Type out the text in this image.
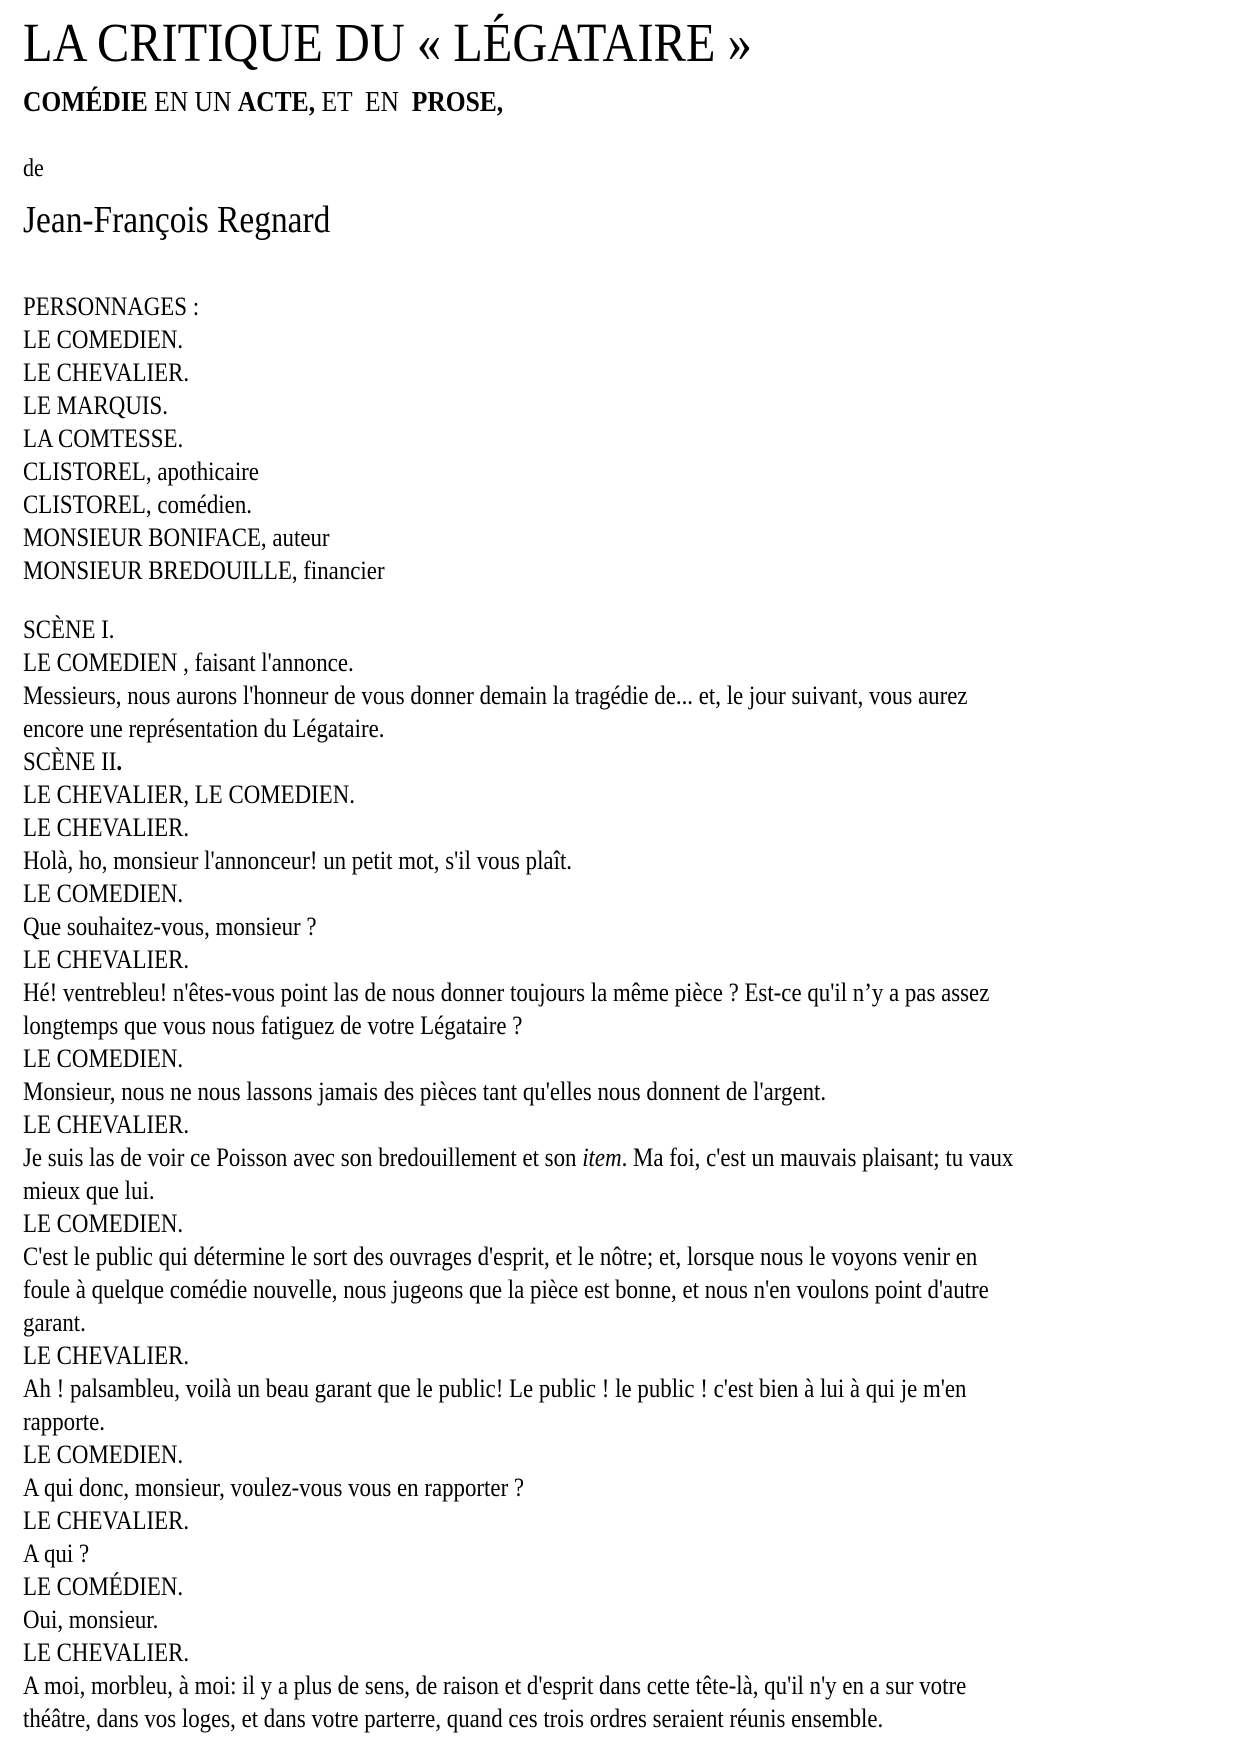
LA CRITIQUE DU « LÉGATAIRE »

COMÉDIE EN UN ACTE, ET  EN  PROSE,

de

Jean-François Regnard

PERSONNAGES :
LE COMEDIEN.
LE CHEVALIER.
LE MARQUIS.
LA COMTESSE.
CLISTOREL, apothicaire
CLISTOREL, comédien.
MONSIEUR BONIFACE, auteur
MONSIEUR BREDOUILLE, financier
SCÈNE I.
LE COMEDIEN , faisant l'annonce.
Messieurs, nous aurons l'honneur de vous donner demain la tragédie de... et, le jour suivant, vous aurez
encore une représentation du Légataire.
SCÈNE II.
LE CHEVALIER, LE COMEDIEN.
LE CHEVALIER.
Holà, ho, monsieur l'annonceur! un petit mot, s'il vous plaît.
LE COMEDIEN.
Que souhaitez-vous, monsieur ?
LE CHEVALIER.
Hé! ventrebleu! n'êtes-vous point las de nous donner toujours la même pièce ? Est-ce qu'il n’y a pas assez
longtemps que vous nous fatiguez de votre Légataire ?
LE COMEDIEN.
Monsieur, nous ne nous lassons jamais des pièces tant qu'elles nous donnent de l'argent.
LE CHEVALIER.
Je suis las de voir ce Poisson avec son bredouillement et son item. Ma foi, c'est un mauvais plaisant; tu vaux
mieux que lui.
LE COMEDIEN.
C'est le public qui détermine le sort des ouvrages d'esprit, et le nôtre; et, lorsque nous le voyons venir en
foule à quelque comédie nouvelle, nous jugeons que la pièce est bonne, et nous n'en voulons point d'autre
garant.
LE CHEVALIER.
Ah ! palsambleu, voilà un beau garant que le public! Le public ! le public ! c'est bien à lui à qui je m'en
rapporte.
LE COMEDIEN.
A qui donc, monsieur, voulez-vous vous en rapporter ?
LE CHEVALIER.
A qui ?
LE COMÉDIEN.
Oui, monsieur.
LE CHEVALIER.
A moi, morbleu, à moi: il y a plus de sens, de raison et d'esprit dans cette tête-là, qu'il n'y en a sur votre
théâtre, dans vos loges, et dans votre parterre, quand ces trois ordres seraient réunis ensemble.
